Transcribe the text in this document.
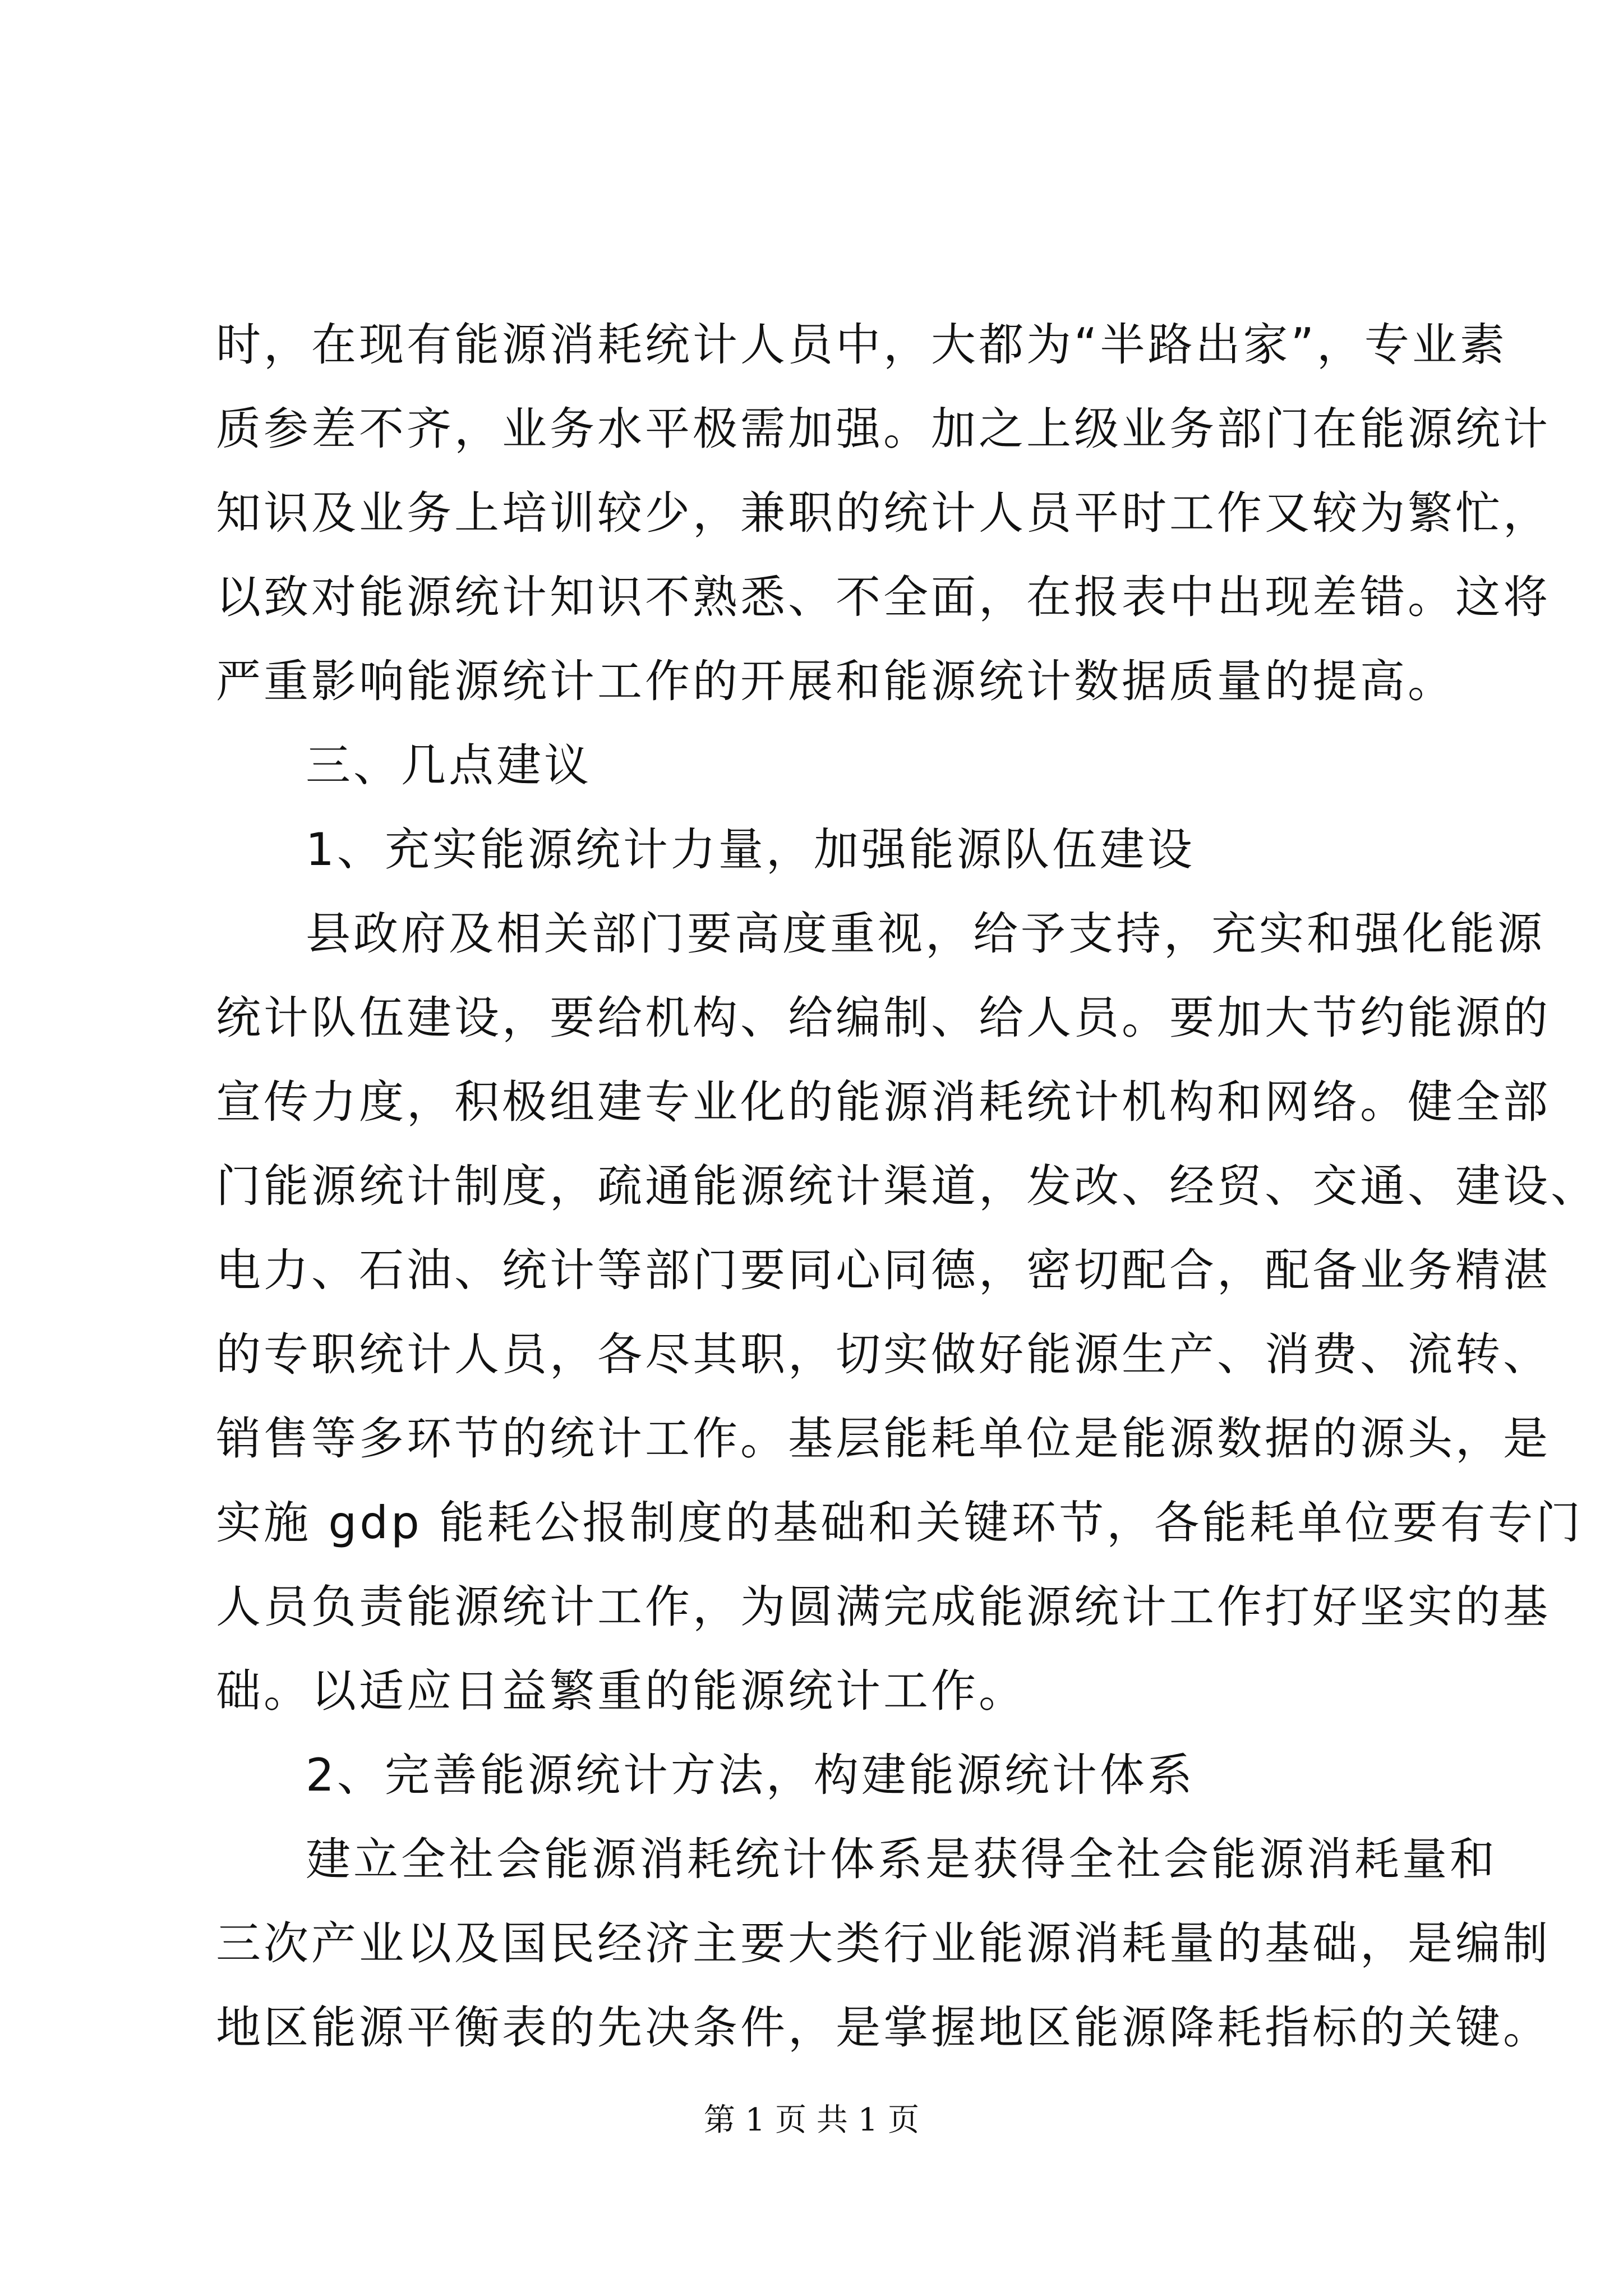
时，在现有能源消耗统计人员中，大都为“半路出家”，专业素
质参差不齐，业务水平极需加强。加之上级业务部门在能源统计
知识及业务上培训较少，兼职的统计人员平时工作又较为繁忙，
以致对能源统计知识不熟悉、不全面，在报表中出现差错。这将
严重影响能源统计工作的开展和能源统计数据质量的提高。
三、几点建议
1、充实能源统计力量，加强能源队伍建设
县政府及相关部门要高度重视，给予支持，充实和强化能源
统计队伍建设，要给机构、给编制、给人员。要加大节约能源的
宣传力度，积极组建专业化的能源消耗统计机构和网络。健全部
门能源统计制度，疏通能源统计渠道，发改、经贸、交通、建设、
电力、石油、统计等部门要同心同德，密切配合，配备业务精湛
的专职统计人员，各尽其职，切实做好能源生产、消费、流转、
销售等多环节的统计工作。基层能耗单位是能源数据的源头，是
实施 gdp 能耗公报制度的基础和关键环节，各能耗单位要有专门
人员负责能源统计工作，为圆满完成能源统计工作打好坚实的基
础。以适应日益繁重的能源统计工作。
2、完善能源统计方法，构建能源统计体系
建立全社会能源消耗统计体系是获得全社会能源消耗量和
三次产业以及国民经济主要大类行业能源消耗量的基础，是编制
地区能源平衡表的先决条件，是掌握地区能源降耗指标的关键。
第 1 页 共 1 页
